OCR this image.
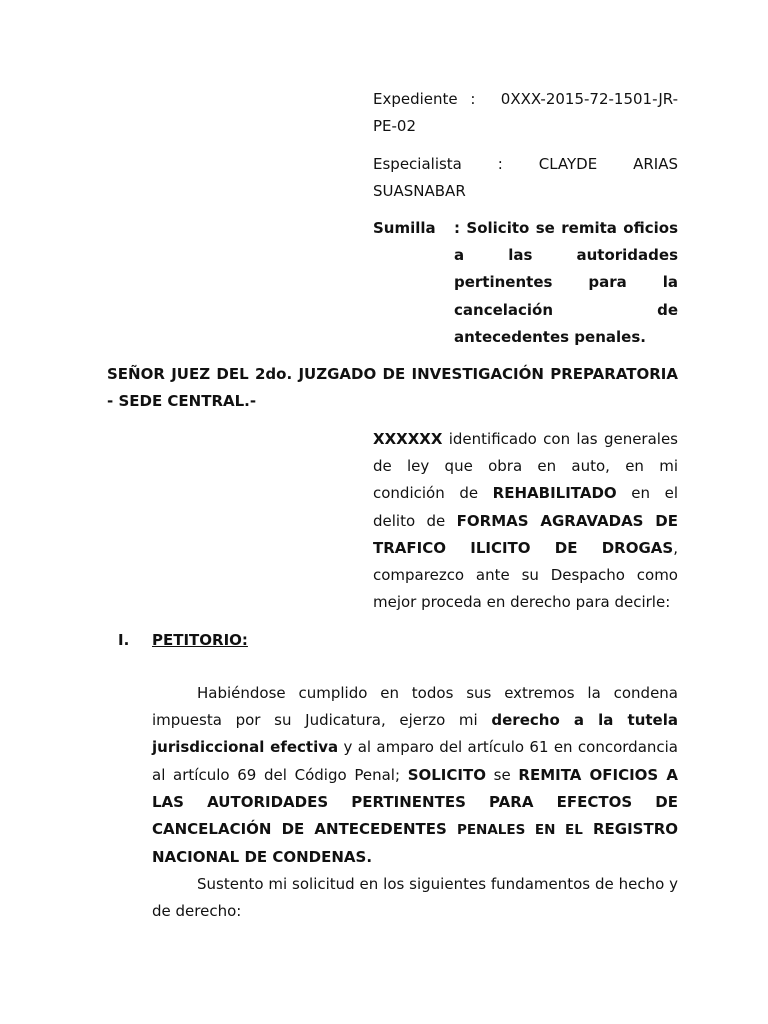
Expediente : 0XXX-2015-72-1501-JR-PE-02
Especialista : CLAYDE ARIAS SUASNABAR
Sumilla	: Solicito se remita oficios a las autoridades pertinentes para la cancelación de antecedentes penales.
SEÑOR JUEZ DEL 2do. JUZGADO DE INVESTIGACIÓN PREPARATORIA - SEDE CENTRAL.-
XXXXXX identificado con las generales de ley que obra en auto, en mi condición de REHABILITADO en el delito de FORMAS AGRAVADAS DE TRAFICO ILICITO DE DROGAS, comparezco ante su Despacho como mejor proceda en derecho para decirle:
I. PETITORIO:
Habiéndose cumplido en todos sus extremos la condena impuesta por su Judicatura, ejerzo mi derecho a la tutela jurisdiccional efectiva y al amparo del artículo 61 en concordancia al artículo 69 del Código Penal; SOLICITO se REMITA OFICIOS A LAS AUTORIDADES PERTINENTES PARA EFECTOS DE CANCELACIÓN DE ANTECEDENTES PENALES EN EL REGISTRO NACIONAL DE CONDENAS.
Sustento mi solicitud en los siguientes fundamentos de hecho y de derecho:
